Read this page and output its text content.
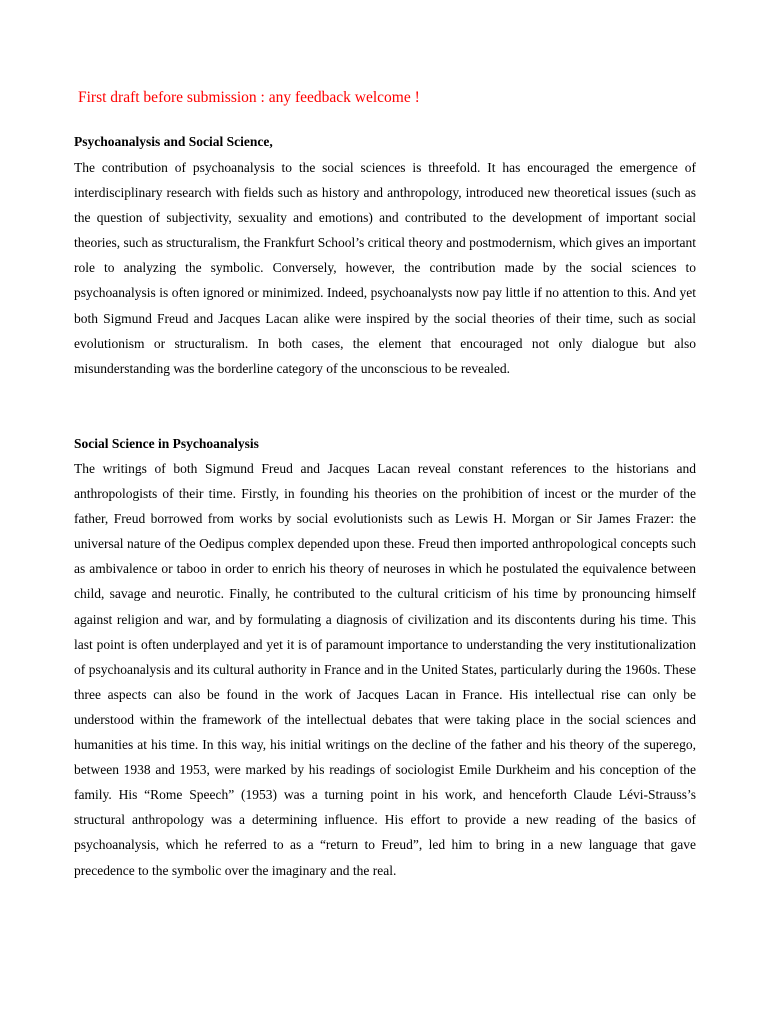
First draft before submission : any feedback welcome !
Psychoanalysis and Social Science,

The contribution of psychoanalysis to the social sciences is threefold. It has encouraged the emergence of interdisciplinary research with fields such as history and anthropology, introduced new theoretical issues (such as the question of subjectivity, sexuality and emotions) and contributed to the development of important social theories, such as structuralism, the Frankfurt School’s critical theory and postmodernism, which gives an important role to analyzing the symbolic. Conversely, however, the contribution made by the social sciences to psychoanalysis is often ignored or minimized. Indeed, psychoanalysts now pay little if no attention to this. And yet both Sigmund Freud and Jacques Lacan alike were inspired by the social theories of their time, such as social evolutionism or structuralism. In both cases, the element that encouraged not only dialogue but also misunderstanding was the borderline category of the unconscious to be revealed.

Social Science in Psychoanalysis

The writings of both Sigmund Freud and Jacques Lacan reveal constant references to the historians and anthropologists of their time. Firstly, in founding his theories on the prohibition of incest or the murder of the father, Freud borrowed from works by social evolutionists such as Lewis H. Morgan or Sir James Frazer: the universal nature of the Oedipus complex depended upon these. Freud then imported anthropological concepts such as ambivalence or taboo in order to enrich his theory of neuroses in which he postulated the equivalence between child, savage and neurotic. Finally, he contributed to the cultural criticism of his time by pronouncing himself against religion and war, and by formulating a diagnosis of civilization and its discontents during his time. This last point is often underplayed and yet it is of paramount importance to understanding the very institutionalization of psychoanalysis and its cultural authority in France and in the United States, particularly during the 1960s. These three aspects can also be found in the work of Jacques Lacan in France. His intellectual rise can only be understood within the framework of the intellectual debates that were taking place in the social sciences and humanities at his time. In this way, his initial writings on the decline of the father and his theory of the superego, between 1938 and 1953, were marked by his readings of sociologist Emile Durkheim and his conception of the family. His “Rome Speech” (1953) was a turning point in his work, and henceforth Claude Lévi-Strauss’s structural anthropology was a determining influence. His effort to provide a new reading of the basics of psychoanalysis, which he referred to as a “return to Freud”, led him to bring in a new language that gave precedence to the symbolic over the imaginary and the real.
